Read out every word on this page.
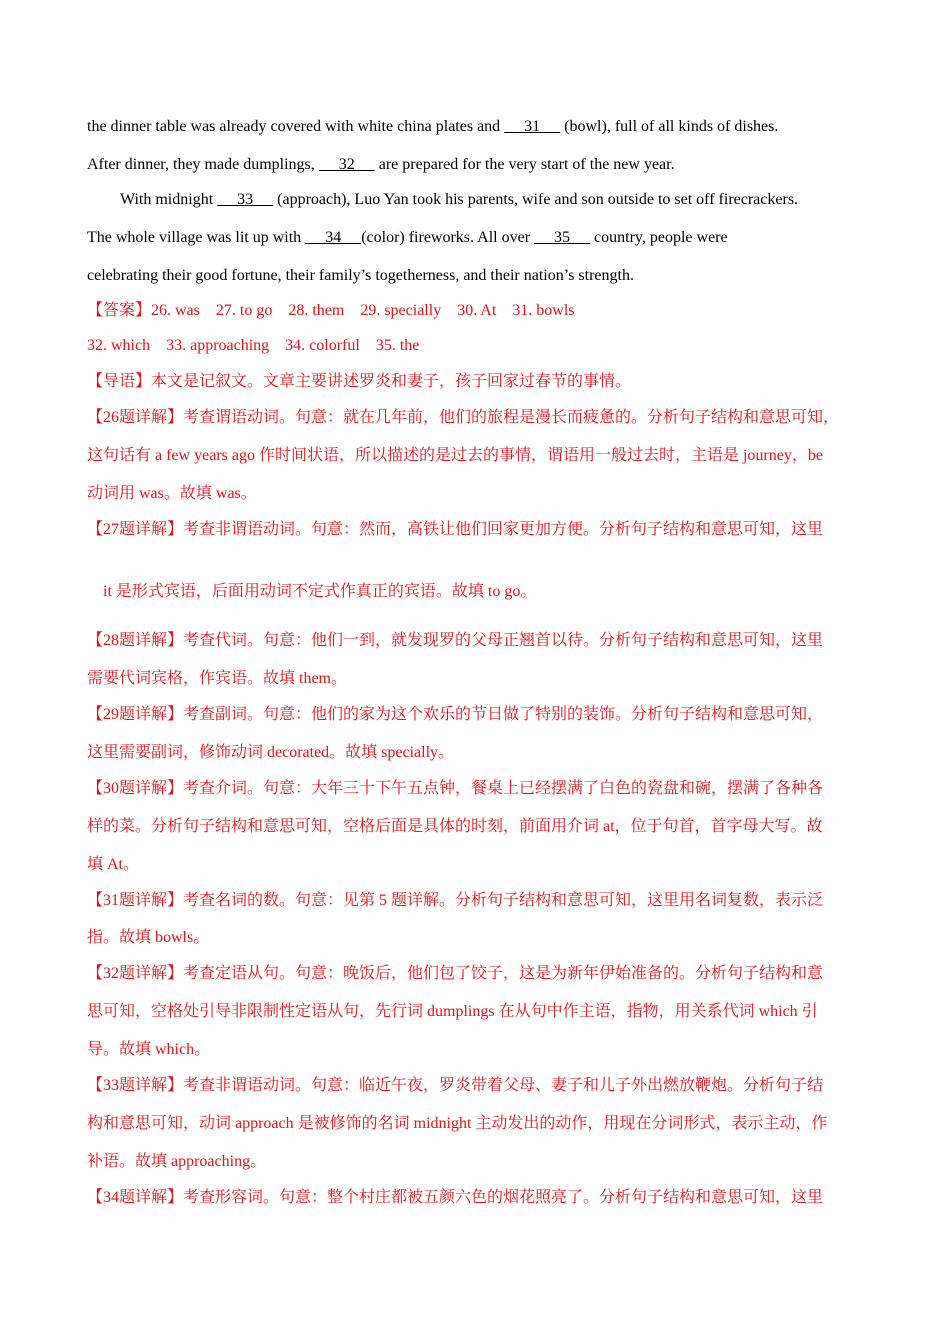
the dinner table was already covered with white china plates and      31      (bowl), full of all kinds of dishes.
After dinner, they made dumplings,      32      are prepared for the very start of the new year.
With midnight      33      (approach), Luo Yan took his parents, wife and son outside to set off firecrackers.
The whole village was lit up with      34     (color) fireworks. All over      35      country, people were
celebrating their good fortune, their family’s togetherness, and their nation’s strength.
【答案】26. was    27. to go    28. them    29. specially    30. At    31. bowls
32. which    33. approaching    34. colorful    35. the
【导语】本文是记叙文。文章主要讲述罗炎和妻子，孩子回家过春节的事情。
【26题详解】考查谓语动词。句意：就在几年前，他们的旅程是漫长而疲惫的。分析句子结构和意思可知，
这句话有 a few years ago 作时间状语，所以描述的是过去的事情，谓语用一般过去时，主语是 journey，be
动词用 was。故填 was。
【27题详解】考查非谓语动词。句意：然而，高铁让他们回家更加方便。分析句子结构和意思可知，这里
it 是形式宾语，后面用动词不定式作真正的宾语。故填 to go。
【28题详解】考查代词。句意：他们一到，就发现罗的父母正翘首以待。分析句子结构和意思可知，这里
需要代词宾格，作宾语。故填 them。
【29题详解】考查副词。句意：他们的家为这个欢乐的节日做了特别的装饰。分析句子结构和意思可知，
这里需要副词，修饰动词 decorated。故填 specially。
【30题详解】考查介词。句意：大年三十下午五点钟，餐桌上已经摆满了白色的瓷盘和碗，摆满了各种各
样的菜。分析句子结构和意思可知，空格后面是具体的时刻，前面用介词 at，位于句首，首字母大写。故
填 At。
【31题详解】考查名词的数。句意：见第 5 题详解。分析句子结构和意思可知，这里用名词复数，表示泛
指。故填 bowls。
【32题详解】考查定语从句。句意：晚饭后，他们包了饺子，这是为新年伊始准备的。分析句子结构和意
思可知，空格处引导非限制性定语从句，先行词 dumplings 在从句中作主语，指物，用关系代词 which 引
导。故填 which。
【33题详解】考查非谓语动词。句意：临近午夜，罗炎带着父母、妻子和儿子外出燃放鞭炮。分析句子结
构和意思可知，动词 approach 是被修饰的名词 midnight 主动发出的动作，用现在分词形式，表示主动，作
补语。故填 approaching。
【34题详解】考查形容词。句意：整个村庄都被五颜六色的烟花照亮了。分析句子结构和意思可知，这里
